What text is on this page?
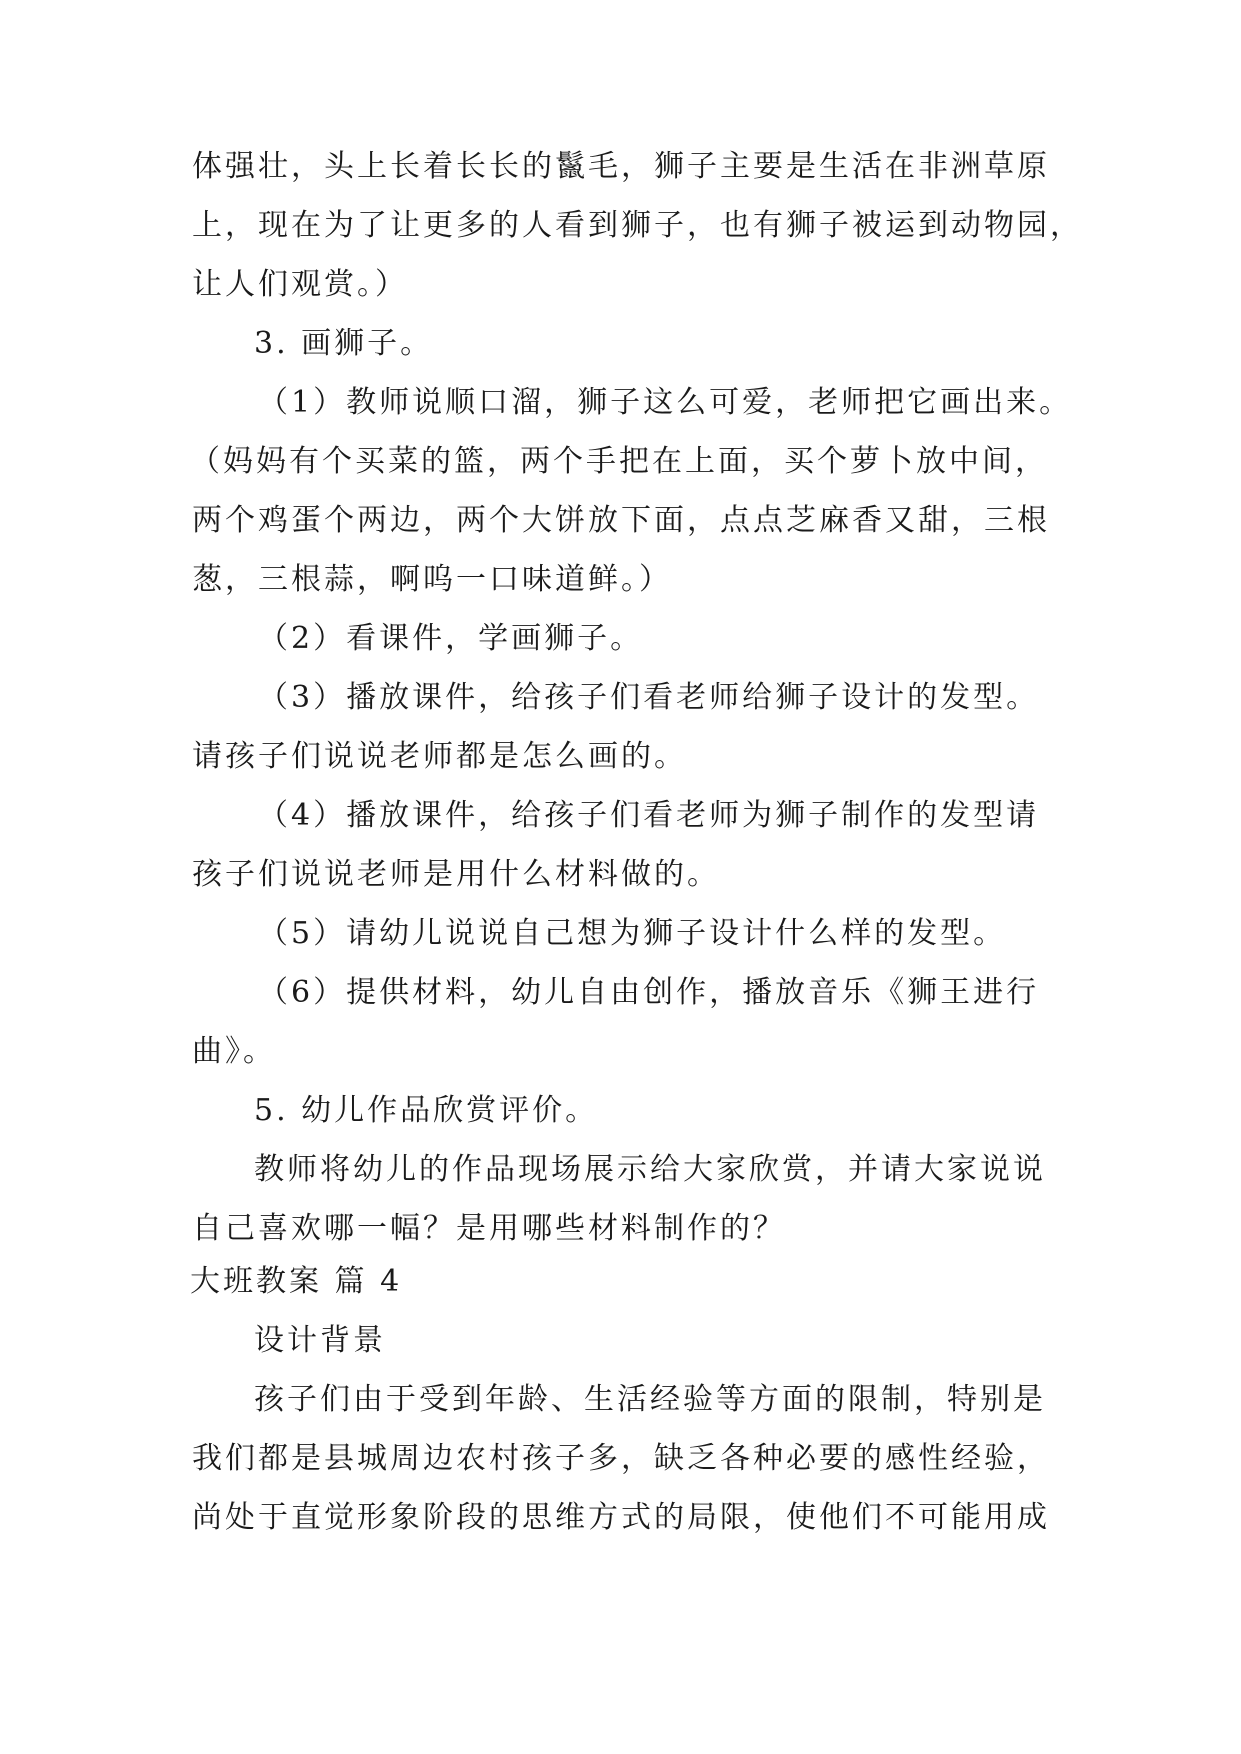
体强壮，头上长着长长的鬣毛，狮子主要是生活在非洲草原
上，现在为了让更多的人看到狮子，也有狮子被运到动物园，
让人们观赏。）
3. 画狮子。
（1）教师说顺口溜，狮子这么可爱，老师把它画出来。
（妈妈有个买菜的篮，两个手把在上面，买个萝卜放中间，
两个鸡蛋个两边，两个大饼放下面，点点芝麻香又甜，三根
葱，三根蒜，啊呜一口味道鲜。）
（2）看课件，学画狮子。
（3）播放课件，给孩子们看老师给狮子设计的发型。
请孩子们说说老师都是怎么画的。
（4）播放课件，给孩子们看老师为狮子制作的发型请
孩子们说说老师是用什么材料做的。
（5）请幼儿说说自己想为狮子设计什么样的发型。
（6）提供材料，幼儿自由创作，播放音乐《狮王进行
曲》。
5. 幼儿作品欣赏评价。
教师将幼儿的作品现场展示给大家欣赏，并请大家说说
自己喜欢哪一幅？是用哪些材料制作的？
大班教案 篇 4
设计背景
孩子们由于受到年龄、生活经验等方面的限制，特别是
我们都是县城周边农村孩子多，缺乏各种必要的感性经验，
尚处于直觉形象阶段的思维方式的局限，使他们不可能用成
